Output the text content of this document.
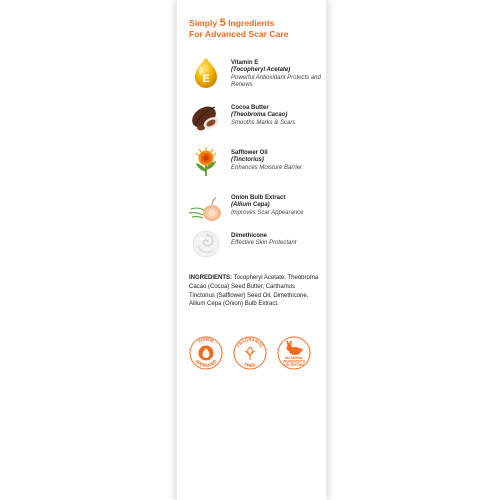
Simply 5 Ingredients
For Advanced Scar Care
E
Vitamin E
(Tocopheryl Acetate)
Powerful Antioxidant Protects and Renews
Cocoa Butter
(Theobroma Cacao)
Smooths Marks & Scars
Safflower Oil
(Tinctorius)
Enhances Moisture Barrier
Onion Bulb Extract
(Allium Cepa)
Improves Scar Appearance
Dimethicone
Effective Skin Protectant
INGREDIENTS: Tocopheryl Acetate, Theobroma Cacao (Cocoa) Seed Butter, Carthamus Tinctorius (Safflower) Seed Oil, Dimethicone, Allium Cepa (Onion) Bulb Extract.
DERM
APPROVED
FRAGRANCE
FREE
NO ANIMAL
INGREDIENTS
OR TESTING
